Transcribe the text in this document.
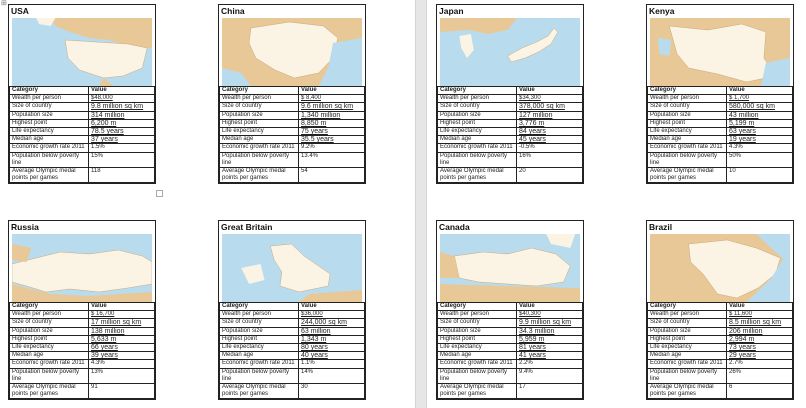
⊞
USA
Category	Value
Wealth per person	$48,000
Size of country	9.8 million sq km
Population size	314 million
Highest point	6,200 m
Life expectancy	78.5 years
Median age	37 years
Economic growth rate 2011	1.5%
Population below poverty line	15%
Average Olympic medal points per games	118
China
Category	Value
Wealth per person	$ 8,400
Size of country	9.6 million sq km
Population size	1,340 million
Highest point	8,850 m
Life expectancy	75 years
Median age	35.5 years
Economic growth rate 2011	9.2%
Population below poverty line	13.4%
Average Olympic medal points per games	54
Japan
Category	Value
Wealth per person	$34,300
Size of country	378,000 sq km
Population size	127 million
Highest point	3,776 m
Life expectancy	84 years
Median age	45 years
Economic growth rate 2011	-0.5%
Population below poverty line	16%
Average Olympic medal points per games	20
Kenya
Category	Value
Wealth per person	$ 1,700
Size of country	580,000 sq km
Population size	43 million
Highest point	5,199 m
Life expectancy	63 years
Median age	19 years
Economic growth rate 2011	4.3%
Population below poverty line	50%
Average Olympic medal points per games	10
Russia
Category	Value
Wealth per person	$ 16,700
Size of country	17 million sq km
Population size	138 million
Highest point	5,633 m
Life expectancy	66 years
Median age	39 years
Economic growth rate 2011	4.3%
Population below poverty line	13%
Average Olympic medal points per games	91
Great Britain
Category	Value
Wealth per person	$36,000
Size of country	244,000 sq km
Population size	63 million
Highest point	1,343 m
Life expectancy	80 years
Median age	40 years
Economic growth rate 2011	1.1%
Population below poverty line	14%
Average Olympic medal points per games	30
Canada
Category	Value
Wealth per person	$40,300
Size of country	9.9 million sq km
Population size	34.3 million
Highest point	5,959 m
Life expectancy	81 years
Median age	41 years
Economic growth rate 2011	2.2%
Population below poverty line	9.4%
Average Olympic medal points per games	17
Brazil
Category	Value
Wealth per person	$ 11,600
Size of country	8.5 million sq km
Population size	206 million
Highest point	2,994 m
Life expectancy	73 years
Median age	29 years
Economic growth rate 2011	2.7%
Population below poverty line	26%
Average Olympic medal points per games	6
